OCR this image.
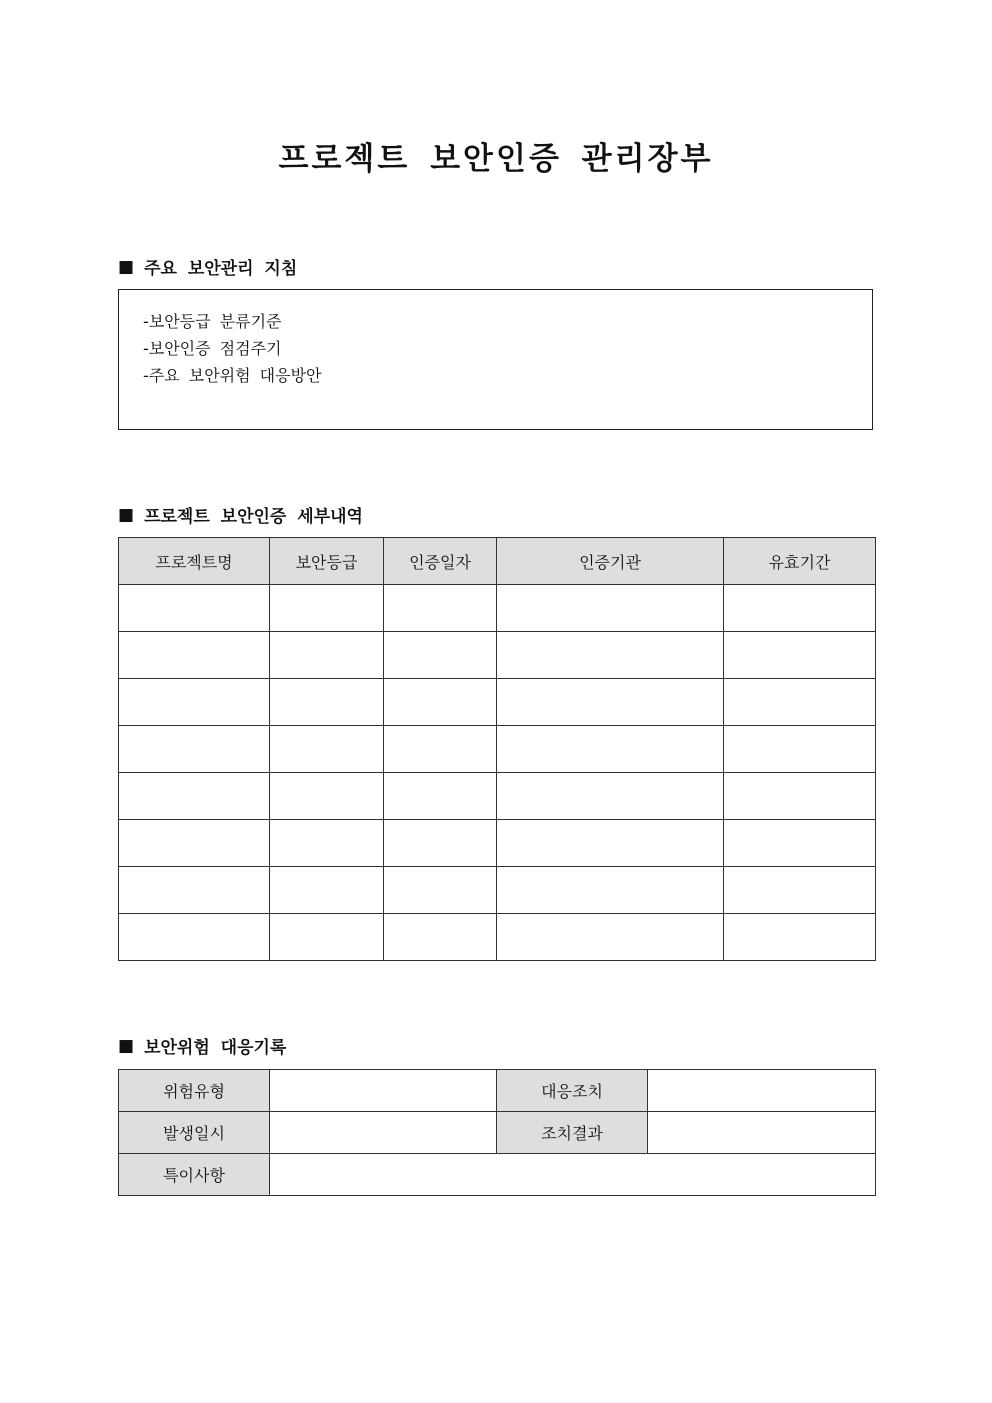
프로젝트 보안인증 관리장부
■ 주요 보안관리 지침
-보안등급 분류기준
-보안인증 점검주기
-주요 보안위험 대응방안
■ 프로젝트 보안인증 세부내역
프로젝트명	보안등급	인증일자	인증기관	유효기간

■ 보안위험 대응기록
위험유형		대응조치	
발생일시		조치결과	
특이사항			
